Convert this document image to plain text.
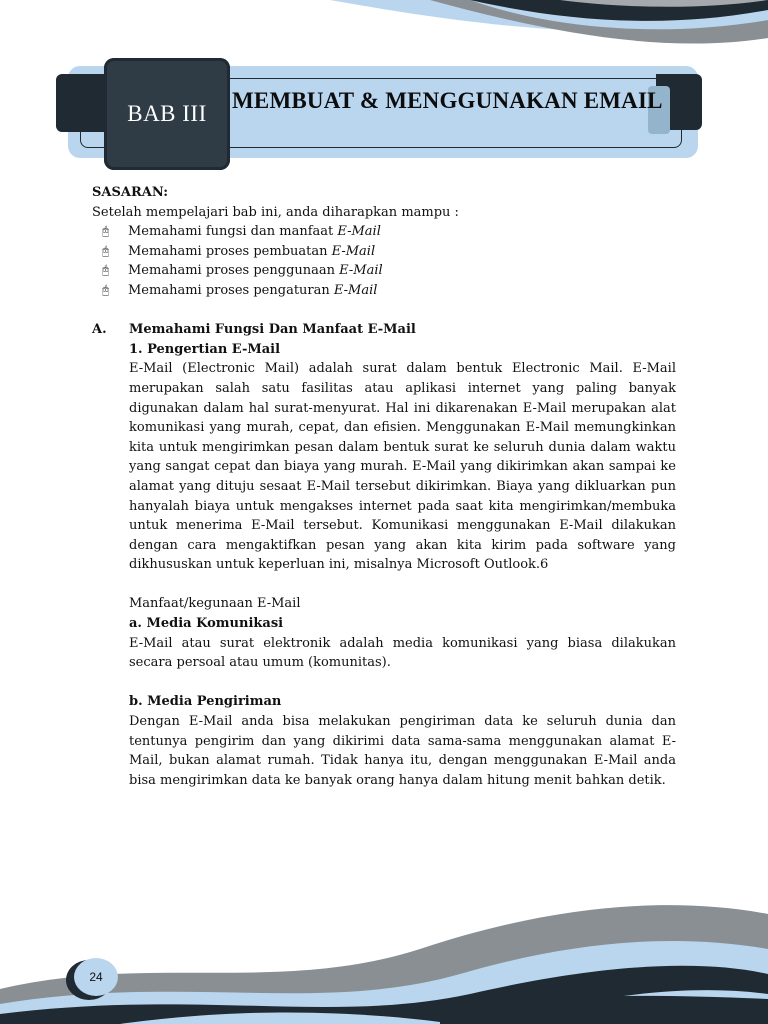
BAB III
MEMBUAT & MENGGUNAKAN EMAIL

SASARAN:

Setelah mempelajari bab ini, anda diharapkan mampu :

🖰	Memahami fungsi dan manfaat E-Mail
🖰	Memahami proses pembuatan E-Mail
🖰	Memahami proses penggunaan E-Mail
🖰	Memahami proses pengaturan E-Mail
A.	Memahami Fungsi Dan Manfaat E-Mail

1. Pengertian E-Mail

E-Mail (Electronic Mail) adalah surat dalam bentuk Electronic Mail. E-Mail merupakan salah satu fasilitas atau aplikasi internet yang paling banyak digunakan dalam hal surat-menyurat. Hal ini dikarenakan E-Mail merupakan alat komunikasi yang murah, cepat, dan efisien. Menggunakan E-Mail memungkinkan kita untuk mengirimkan pesan dalam bentuk surat ke seluruh dunia dalam waktu yang sangat cepat dan biaya yang murah. E-Mail yang dikirimkan akan sampai ke alamat yang dituju sesaat E-Mail tersebut dikirimkan. Biaya yang dikluarkan pun hanyalah biaya untuk mengakses internet pada saat kita mengirimkan/membuka untuk menerima E-Mail tersebut. Komunikasi menggunakan E-Mail dilakukan dengan cara mengaktifkan pesan yang akan kita kirim pada software yang dikhususkan untuk keperluan ini, misalnya Microsoft Outlook.6

Manfaat/kegunaan E-Mail

a. Media Komunikasi

E-Mail atau surat elektronik adalah media komunikasi yang biasa dilakukan secara persoal atau umum (komunitas).

b. Media Pengiriman

Dengan E-Mail anda bisa melakukan pengiriman data ke seluruh dunia dan tentunya pengirim dan yang dikirimi data sama-sama menggunakan alamat E-Mail, bukan alamat rumah. Tidak hanya itu, dengan menggunakan E-Mail anda bisa mengirimkan data ke banyak orang hanya dalam hitung menit bahkan detik.

24
